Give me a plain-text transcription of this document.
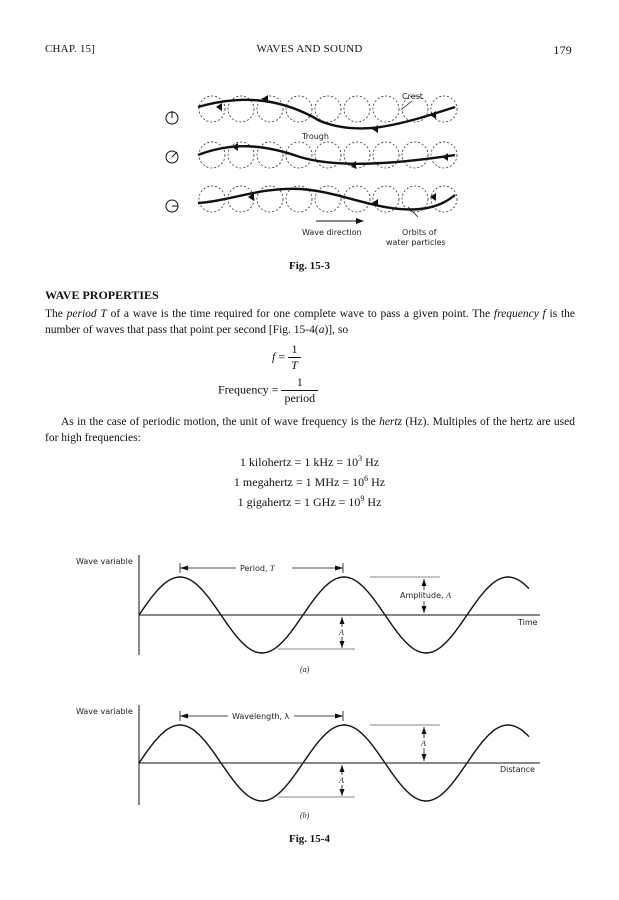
CHAP. 15]	WAVES AND SOUND	179
Crest
Trough
Wave direction	Orbits of
water particles
Fig. 15-3
WAVE PROPERTIES
The period T of a wave is the time required for one complete wave to pass a given point. The frequency f is the number of waves that pass that point per second [Fig. 15-4(a)], so
$f = \frac{1}{T}$
Frequency = $\frac{1}{\text{period}}$
As in the case of periodic motion, the unit of wave frequency is the hertz (Hz). Multiples of the hertz are used for high frequencies:
1 kilohertz = 1 kHz = $10^3$ Hz
1 megahertz = 1 MHz = $10^6$ Hz
1 gigahertz = 1 GHz = $10^9$ Hz
Wave variable
Time
Period, T
Amplitude, A
A
(a)
Wave variable
Distance
Wavelength, λ
A
A
(b)
Fig. 15-4
